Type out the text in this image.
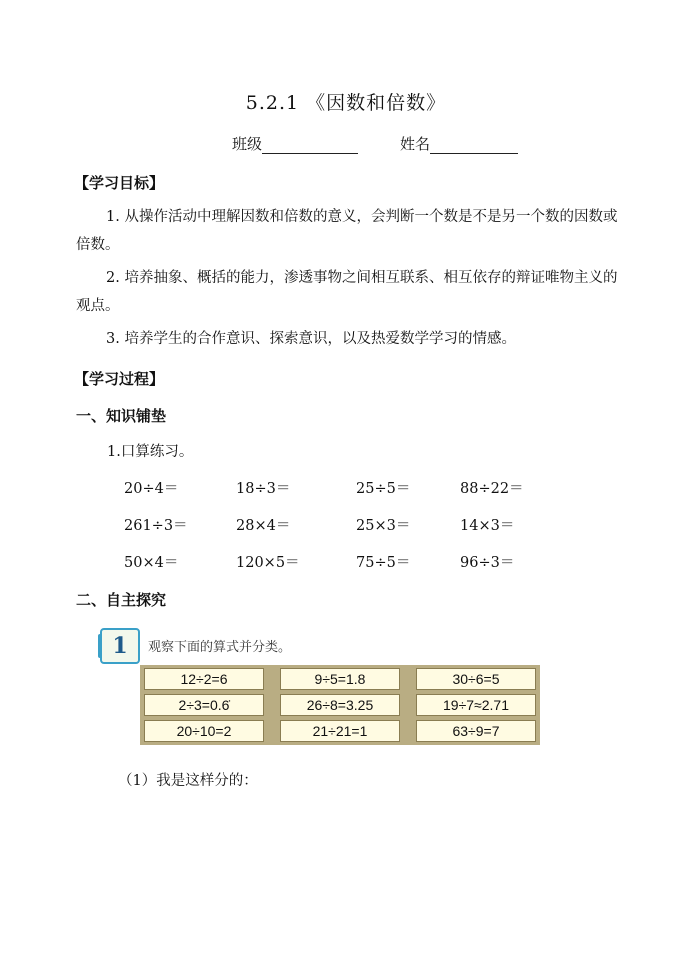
5.2.1 《因数和倍数》
班级	姓名
【学习目标】
1. 从操作活动中理解因数和倍数的意义，会判断一个数是不是另一个数的因数或倍数。
2. 培养抽象、概括的能力，渗透事物之间相互联系、相互依存的辩证唯物主义的观点。
3. 培养学生的合作意识、探索意识，以及热爱数学学习的情感。
【学习过程】
一、知识铺垫
1.口算练习。
20÷4＝	18÷3＝	25÷5＝	88÷22＝
261÷3＝	28×4＝	25×3＝	14×3＝
50×4＝	120×5＝	75÷5＝	96÷3＝
二、自主探究
1	观察下面的算式并分类。
12÷2=6	9÷5=1.8	30÷6=5
2÷3=0.6̇	26÷8=3.25	19÷7≈2.71
20÷10=2	21÷21=1	63÷9=7
（1）我是这样分的：
